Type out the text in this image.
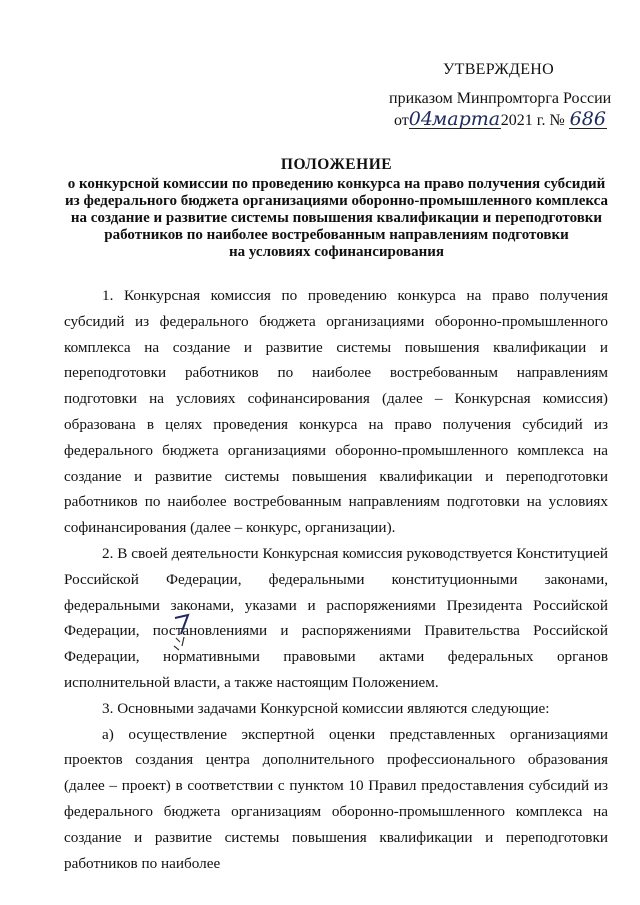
УТВЕРЖДЕНО
приказом Минпромторга России
от04марта2021 г. № 686
ПОЛОЖЕНИЕ
о конкурсной комиссии по проведению конкурса на право получения субсидий
из федерального бюджета организациями оборонно-промышленного комплекса
на создание и развитие системы повышения квалификации и переподготовки
работников по наиболее востребованным направлениям подготовки
на условиях софинансирования

1. Конкурсная комиссия по проведению конкурса на право получения субсидий из федерального бюджета организациями оборонно-промышленного комплекса на создание и развитие системы повышения квалификации и переподготовки работников по наиболее востребованным направлениям подготовки на условиях софинансирования (далее – Конкурсная комиссия) образована в целях проведения конкурса на право получения субсидий из федерального бюджета организациями оборонно-промышленного комплекса на создание и развитие системы повышения квалификации и переподготовки работников по наиболее востребованным направлениям подготовки на условиях софинансирования (далее – конкурс, организации).

2. В своей деятельности Конкурсная комиссия руководствуется Конституцией Российской Федерации, федеральными конституционными законами, федеральными законами, указами и распоряжениями Президента Российской Федерации, постановлениями и распоряжениями Правительства Российской Федерации, нормативными правовыми актами федеральных органов исполнительной власти, а также настоящим Положением.

3. Основными задачами Конкурсной комиссии являются следующие:

а) осуществление экспертной оценки представленных организациями проектов создания центра дополнительного профессионального образования (далее – проект) в соответствии с пунктом 10 Правил предоставления субсидий из федерального бюджета организациям оборонно-промышленного комплекса на создание и развитие системы повышения квалификации и переподготовки работников по наиболее
